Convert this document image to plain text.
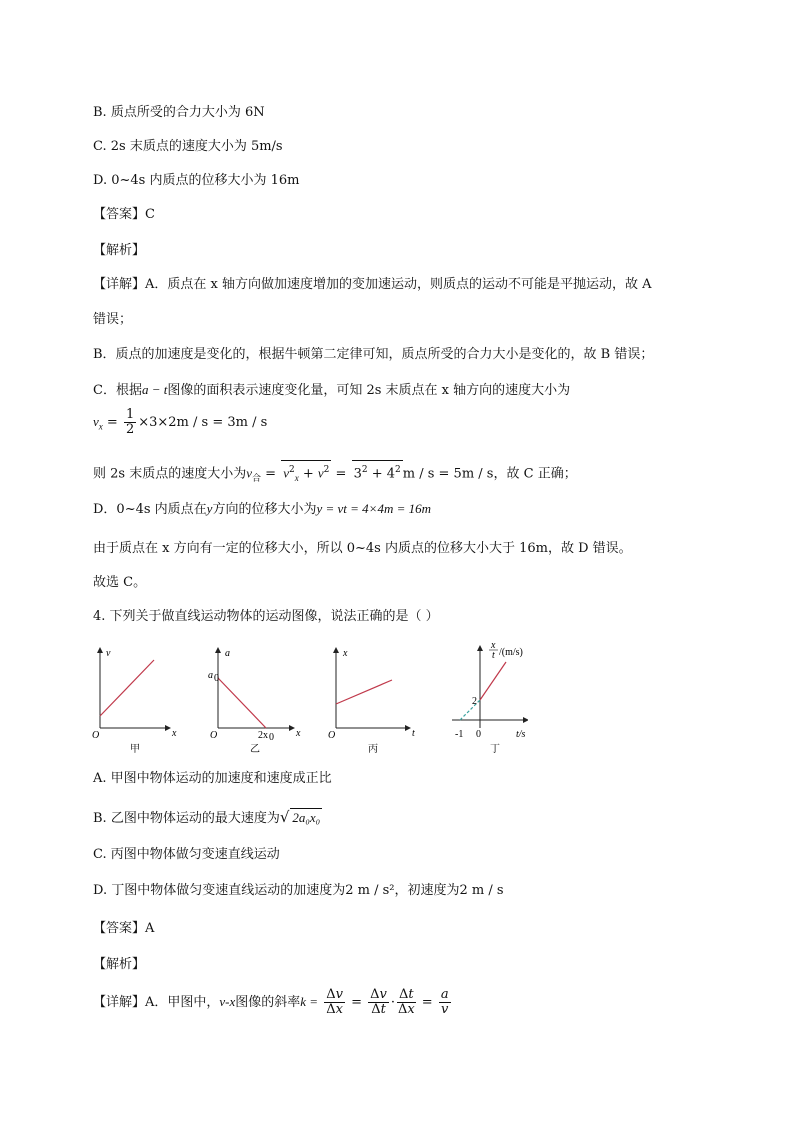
B. 质点所受的合力大小为 6N
C. 2s 末质点的速度大小为 5m/s
D. 0~4s 内质点的位移大小为 16m
【答案】C
【解析】
【详解】A．质点在 x 轴方向做加速度增加的变加速运动，则质点的运动不可能是平抛运动，故 A
错误；
B．质点的加速度是变化的，根据牛顿第二定律可知，质点所受的合力大小是变化的，故 B 错误；
C．根据a − t图像的面积表示速度变化量，可知 2s 末质点在 x 轴方向的速度大小为
$v_x = \frac{1}{2} \times 3\times 2m / s = 3m / s$
则 2s 末质点的速度大小为$v_合 = v^2_x + v^2 = 3^2 + 4^2$ m / s = 5m / s，故 C 正确；
D．0~4s 内质点在y方向的位移大小为y = vt = 4×4m = 16m
由于质点在 x 方向有一定的位移大小，所以 0~4s 内质点的位移大小大于 16m，故 D 错误。
故选 C。
4. 下列关于做直线运动物体的运动图像，说法正确的是（ ）
v
x
O
甲
a
a 0
x
2x 0
O
乙
x
t
O
丙
x
t /(m/s)
2
0
-1	t/s
丁
A. 甲图中物体运动的加速度和速度成正比
B. 乙图中物体运动的最大速度为√ 2a₀x₀
C. 丙图中物体做匀变速直线运动
D. 丁图中物体做匀变速直线运动的加速度为2 m / s²，初速度为2 m / s
【答案】A
【解析】
【详解】A．甲图中，v-x图像的斜率$k = \frac{\Delta v}{\Delta x} = \frac{\Delta v}{\Delta t} \cdot \frac{\Delta t}{\Delta x} = \frac{a}{v}$
